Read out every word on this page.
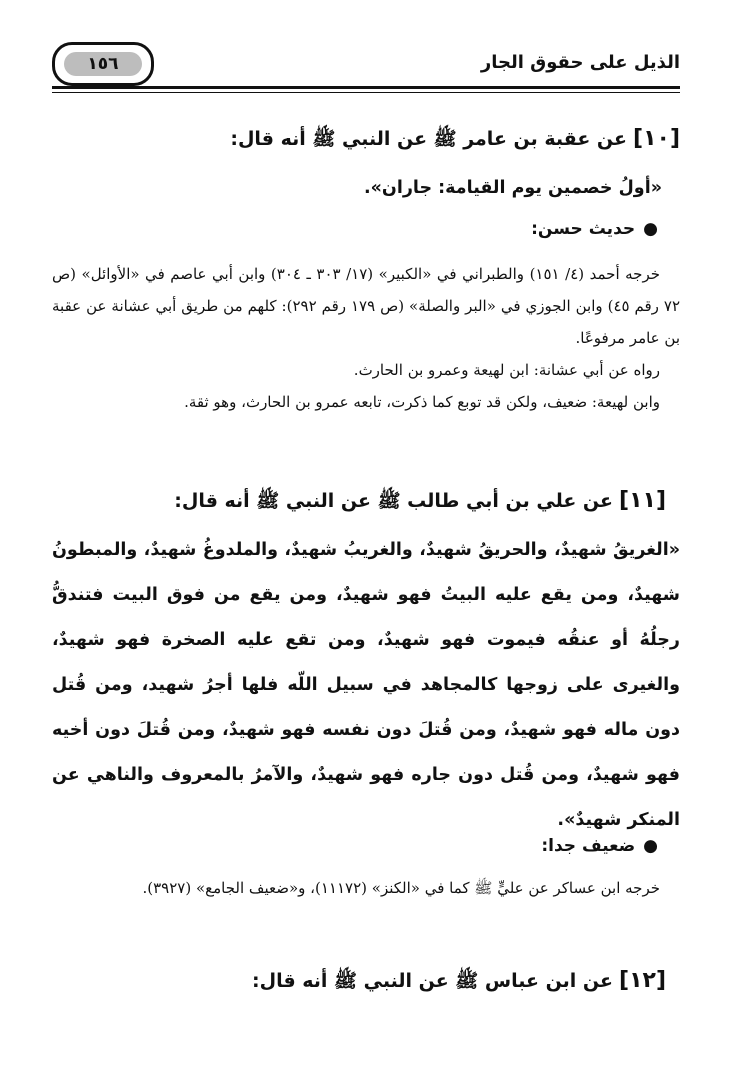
١٥٦	الذيل على حقوق الجار
[١٠]عن عقبة بن عامر ﷺ عن النبي ﷺ أنه قال:
«أولُ خصمين يوم القيامة: جاران».
●حديث حسن:

خرجه أحمد (٤/ ١٥١) والطبراني في «الكبير» (١٧/ ٣٠٣ ـ ٣٠٤) وابن أبي عاصم في «الأوائل» (ص ٧٢ رقم ٤٥) وابن الجوزي في «البر والصلة» (ص ١٧٩ رقم ٢٩٢): كلهم من طريق أبي عشانة عن عقبة بن عامر مرفوعًا.

رواه عن أبي عشانة: ابن لهيعة وعمرو بن الحارث.

وابن لهيعة: ضعيف، ولكن قد توبع كما ذكرت، تابعه عمرو بن الحارث، وهو ثقة.

[١١]عن علي بن أبي طالب ﷺ عن النبي ﷺ أنه قال:
«الغريقُ شهيدٌ، والحريقُ شهيدٌ، والغريبُ شهيدٌ، والملدوغُ شهيدٌ، والمبطونُ شهيدٌ، ومن يقع عليه البيتُ فهو شهيدٌ، ومن يقع من فوق البيت فتندقُّ رجلُهُ أو عنقُه فيموت فهو شهيدٌ، ومن تقع عليه الصخرة فهو شهيدٌ، والغيرى على زوجها كالمجاهد في سبيل اللّه فلها أجرُ شهيد، ومن قُتل دون ماله فهو شهيدٌ، ومن قُتلَ دون نفسه فهو شهيدٌ، ومن قُتلَ دون أخيه فهو شهيدٌ، ومن قُتل دون جاره فهو شهيدٌ، والآمرُ بالمعروف والناهي عن المنكر شهيدٌ».
●ضعيف جدا:

خرجه ابن عساكر عن عليٍّ ﷺ كما في «الكنز» (١١١٧٢)، و«ضعيف الجامع» (٣٩٢٧).

[١٢]عن ابن عباس ﷺ عن النبي ﷺ أنه قال:
